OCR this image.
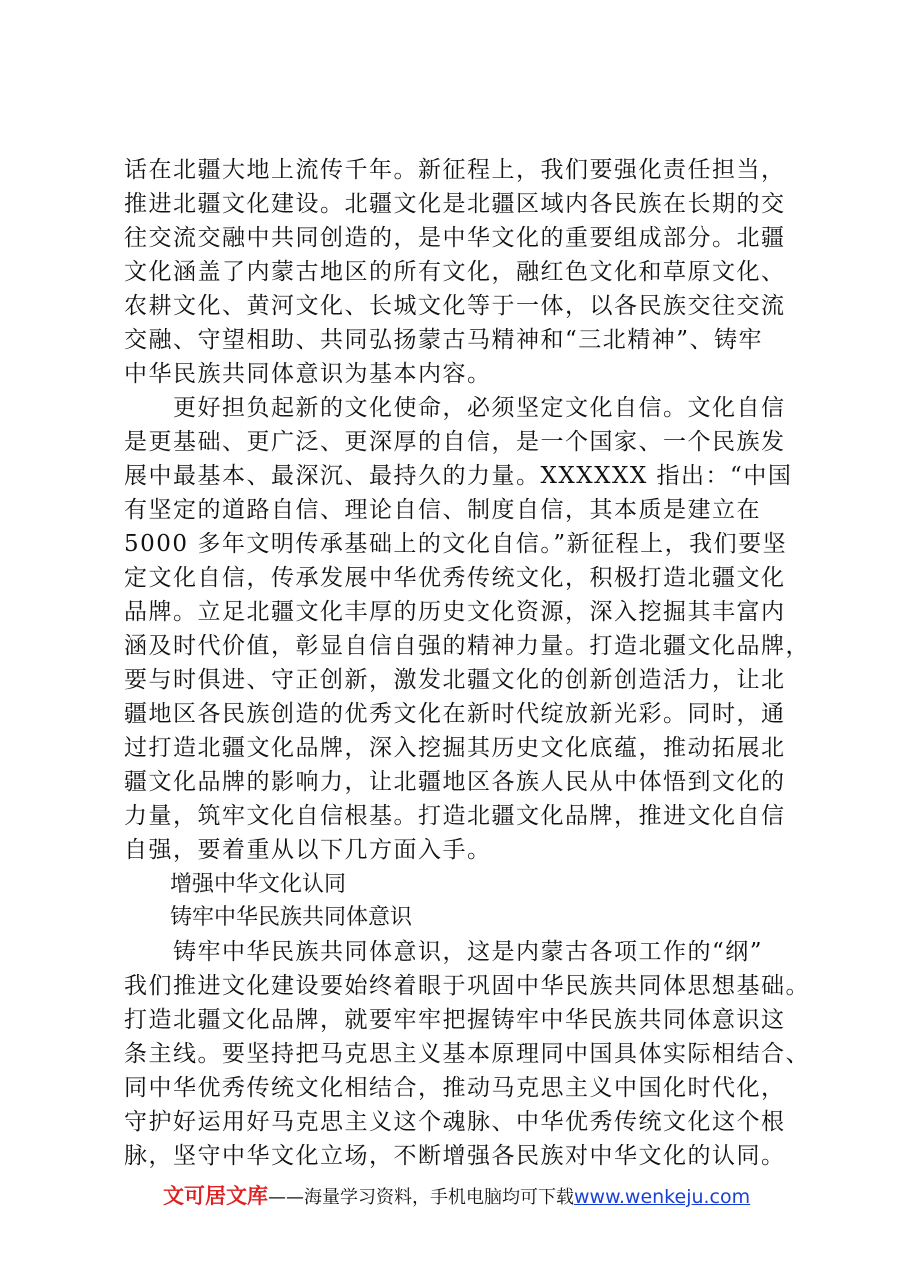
话在北疆大地上流传千年。新征程上，我们要强化责任担当，
推进北疆文化建设。北疆文化是北疆区域内各民族在长期的交
往交流交融中共同创造的，是中华文化的重要组成部分。北疆
文化涵盖了内蒙古地区的所有文化，融红色文化和草原文化、
农耕文化、黄河文化、长城文化等于一体，以各民族交往交流
交融、守望相助、共同弘扬蒙古马精神和“三北精神”、铸牢
中华民族共同体意识为基本内容。
　　更好担负起新的文化使命，必须坚定文化自信。文化自信
是更基础、更广泛、更深厚的自信，是一个国家、一个民族发
展中最基本、最深沉、最持久的力量。XXXXXX 指出：“中国
有坚定的道路自信、理论自信、制度自信，其本质是建立在
5000 多年文明传承基础上的文化自信。”新征程上，我们要坚
定文化自信，传承发展中华优秀传统文化，积极打造北疆文化
品牌。立足北疆文化丰厚的历史文化资源，深入挖掘其丰富内
涵及时代价值，彰显自信自强的精神力量。打造北疆文化品牌，
要与时俱进、守正创新，激发北疆文化的创新创造活力，让北
疆地区各民族创造的优秀文化在新时代绽放新光彩。同时，通
过打造北疆文化品牌，深入挖掘其历史文化底蕴，推动拓展北
疆文化品牌的影响力，让北疆地区各族人民从中体悟到文化的
力量，筑牢文化自信根基。打造北疆文化品牌，推进文化自信
自强，要着重从以下几方面入手。
增强中华文化认同
铸牢中华民族共同体意识
　　铸牢中华民族共同体意识，这是内蒙古各项工作的“纲”
我们推进文化建设要始终着眼于巩固中华民族共同体思想基础。
打造北疆文化品牌，就要牢牢把握铸牢中华民族共同体意识这
条主线。要坚持把马克思主义基本原理同中国具体实际相结合、
同中华优秀传统文化相结合，推动马克思主义中国化时代化，
守护好运用好马克思主义这个魂脉、中华优秀传统文化这个根
脉，坚守中华文化立场，不断增强各民族对中华文化的认同。
文可居文库——海量学习资料，手机电脑均可下载www.wenkeju.com
